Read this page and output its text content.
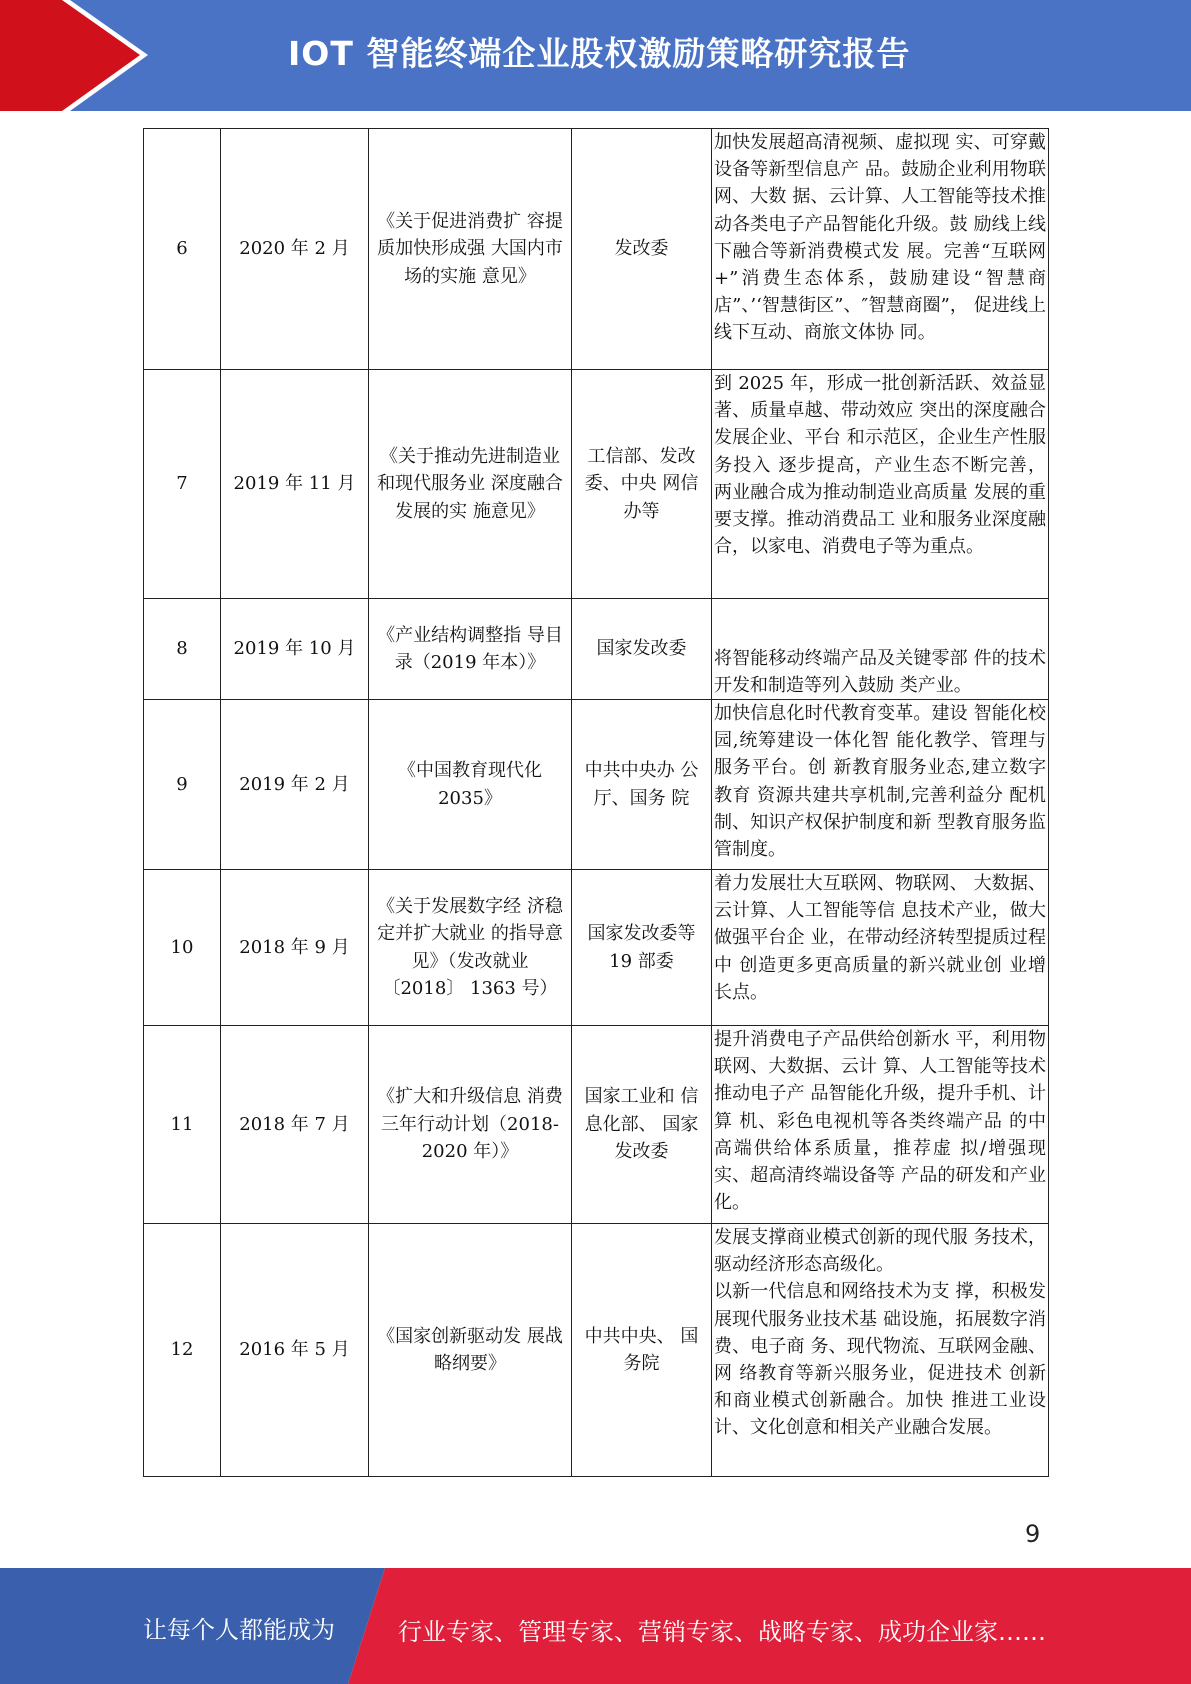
IOT 智能终端企业股权激励策略研究报告
6	2020 年 2 月	《关于促进消费扩 容提质加快形成强 大国内市场的实施 意见》	发改委	加快发展超高清视频、虚拟现 实、可穿戴设备等新型信息产 品。鼓励企业利用物联网、大数 据、云计算、人工智能等技术推 动各类电子产品智能化升级。鼓 励线上线下融合等新消费模式发 展。完善“互联网+”消费生态体系，鼓励建设“智慧商店”、’‘智慧街区”、″智慧商圈”， 促进线上线下互动、商旅文体协 同。
7	2019 年 11 月	《关于推动先进制造业和现代服务业 深度融合发展的实 施意见》	工信部、发改委、中央 网信办等	到 2025 年，形成一批创新活跃、效益显著、质量卓越、带动效应 突出的深度融合发展企业、平台 和示范区，企业生产性服务投入 逐步提高，产业生态不断完善， 两业融合成为推动制造业高质量 发展的重要支撑。推动消费品工 业和服务业深度融合，以家电、消费电子等为重点。
8	2019 年 10 月	《产业结构调整指 导目录（2019 年本）》	国家发改委	将智能移动终端产品及关键零部 件的技术开发和制造等列入鼓励 类产业。
9	2019 年 2 月	《中国教育现代化 2035》	中共中央办 公厅、国务 院	加快信息化时代教育变革。建设 智能化校园,统筹建设一体化智 能化教学、管理与服务平台。创 新教育服务业态,建立数字教育 资源共建共享机制,完善利益分 配机制、知识产权保护制度和新 型教育服务监管制度。
10	2018 年 9 月	《关于发展数字经 济稳定并扩大就业 的指导意见》（发改就业〔2018〕 1363 号）	国家发改委等 19 部委	着力发展壮大互联网、物联网、 大数据、云计算、人工智能等信 息技术产业，做大做强平台企 业，在带动经济转型提质过程中 创造更多更高质量的新兴就业创 业增长点。
11	2018 年 7 月	《扩大和升级信息 消费三年行动计划（2018-2020 年）》	国家工业和 信息化部、 国家发改委	提升消费电子产品供给创新水 平，利用物联网、大数据、云计 算、人工智能等技术推动电子产 品智能化升级，提升手机、计算 机、彩色电视机等各类终端产品 的中高端供给体系质量，推荐虚 拟/增强现实、超高清终端设备等 产品的研发和产业化。
12	2016 年 5 月	《国家创新驱动发 展战略纲要》	中共中央、 国务院	发展支撑商业模式创新的现代服 务技术，驱动经济形态高级化。
以新一代信息和网络技术为支 撑，积极发展现代服务业技术基 础设施，拓展数字消费、电子商 务、现代物流、互联网金融、网 络教育等新兴服务业，促进技术 创新和商业模式创新融合。加快 推进工业设计、文化创意和相关产业融合发展。
9
让每个人都能成为	行业专家、管理专家、营销专家、战略专家、成功企业家……
